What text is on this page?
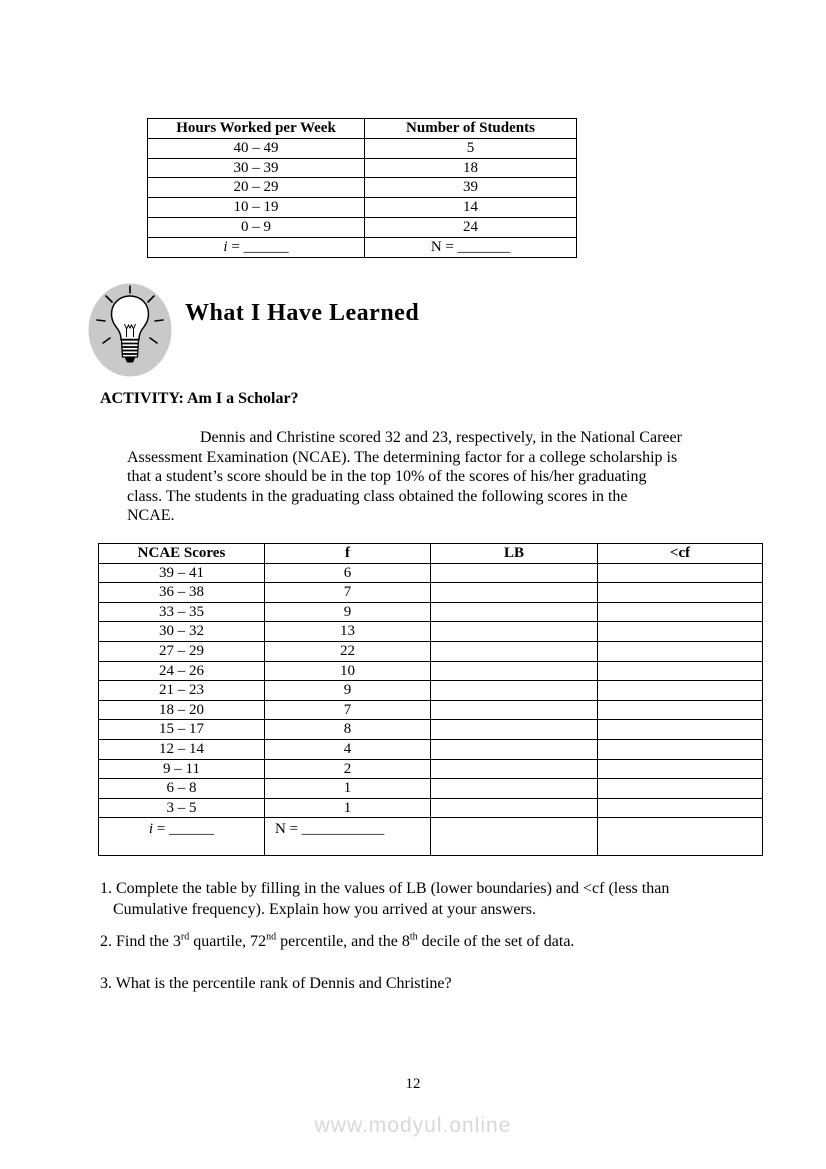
Hours Worked per Week	Number of Students
40 – 49	5
30 – 39	18
20 – 29	39
10 – 19	14
0 – 9	24
i = ______	N = _______
What I Have Learned
ACTIVITY: Am I a Scholar?
Dennis and Christine scored 32 and 23, respectively, in the National Career
Assessment Examination (NCAE). The determining factor for a college scholarship is
that a student’s score should be in the top 10% of the scores of his/her graduating
class. The students in the graduating class obtained the following scores in the
NCAE.
NCAE Scores	f	LB	<cf
39 – 41	6		
36 – 38	7		
33 – 35	9		
30 – 32	13		
27 – 29	22		
24 – 26	10		
21 – 23	9		
18 – 20	7		
15 – 17	8		
12 – 14	4		
9 – 11	2		
6 – 8	1		
3 – 5	1		
i = ______	N = ___________		
1. Complete the table by filling in the values of LB (lower boundaries) and <cf (less than
Cumulative frequency). Explain how you arrived at your answers.
2. Find the 3rd quartile, 72nd percentile, and the 8th decile of the set of data.
3. What is the percentile rank of Dennis and Christine?
12
www.modyul.online
